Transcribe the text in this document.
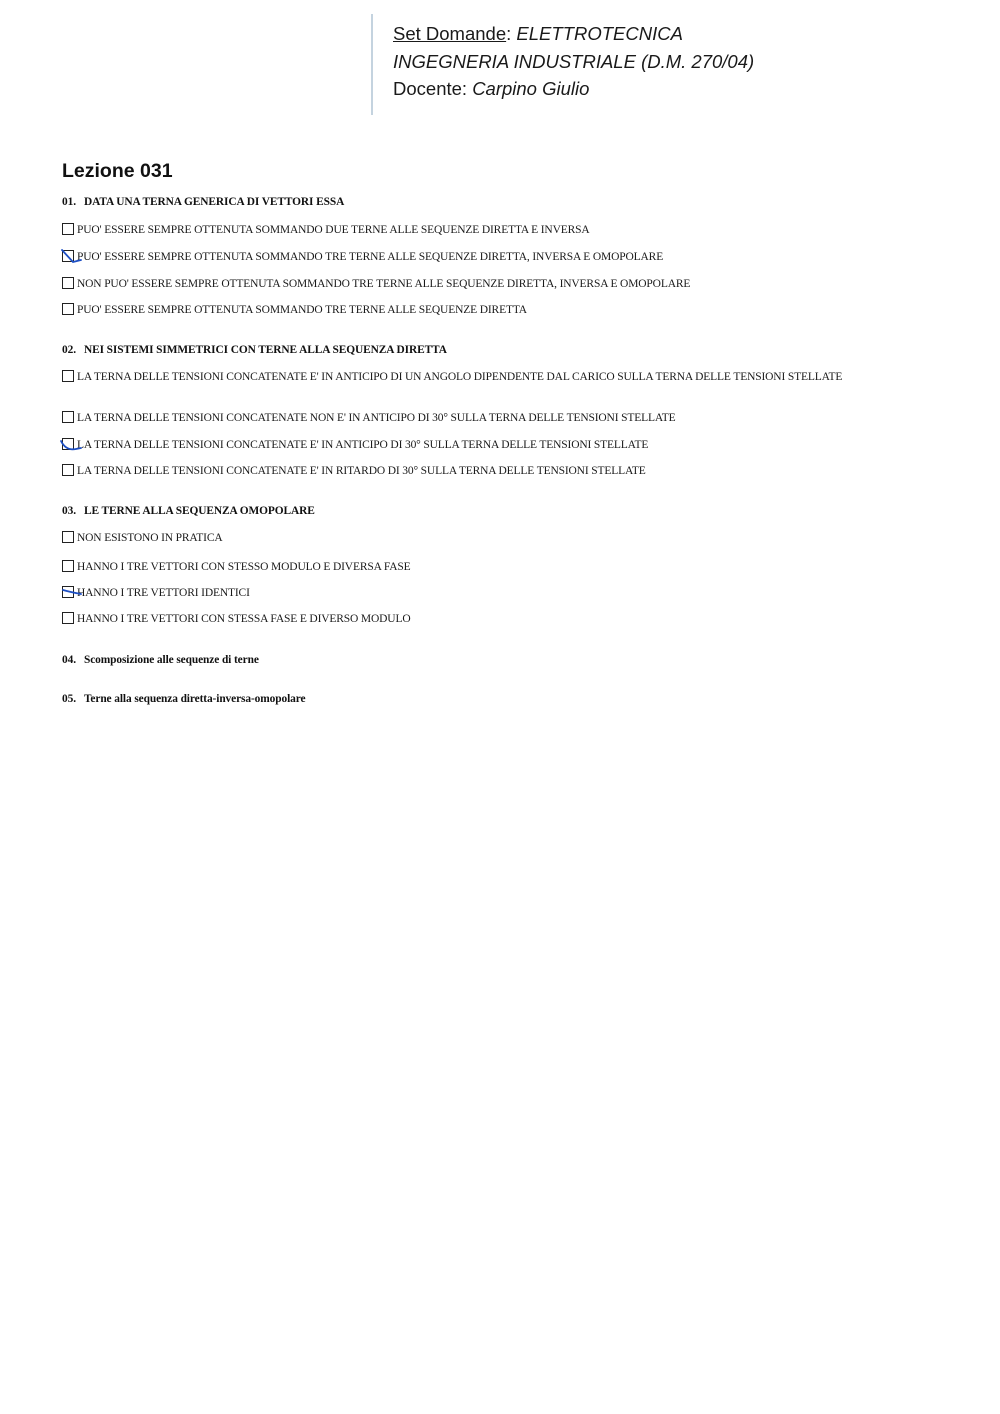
Set Domande: ELETTROTECNICA
INGEGNERIA INDUSTRIALE (D.M. 270/04)
Docente: Carpino Giulio
Lezione 031
01. DATA UNA TERNA GENERICA DI VETTORI ESSA
PUO' ESSERE SEMPRE OTTENUTA SOMMANDO DUE TERNE ALLE SEQUENZE DIRETTA E INVERSA
PUO' ESSERE SEMPRE OTTENUTA SOMMANDO TRE TERNE ALLE SEQUENZE DIRETTA, INVERSA E OMOPOLARE
NON PUO' ESSERE SEMPRE OTTENUTA SOMMANDO TRE TERNE ALLE SEQUENZE DIRETTA, INVERSA E OMOPOLARE
PUO' ESSERE SEMPRE OTTENUTA SOMMANDO TRE TERNE ALLE SEQUENZE DIRETTA
02. NEI SISTEMI SIMMETRICI CON TERNE ALLA SEQUENZA DIRETTA
LA TERNA DELLE TENSIONI CONCATENATE E' IN ANTICIPO DI UN ANGOLO DIPENDENTE DAL CARICO SULLA TERNA DELLE TENSIONI STELLATE
LA TERNA DELLE TENSIONI CONCATENATE NON E' IN ANTICIPO DI 30° SULLA TERNA DELLE TENSIONI STELLATE
LA TERNA DELLE TENSIONI CONCATENATE E' IN ANTICIPO DI 30° SULLA TERNA DELLE TENSIONI STELLATE
LA TERNA DELLE TENSIONI CONCATENATE E' IN RITARDO DI 30° SULLA TERNA DELLE TENSIONI STELLATE
03. LE TERNE ALLA SEQUENZA OMOPOLARE
NON ESISTONO IN PRATICA
HANNO I TRE VETTORI CON STESSO MODULO E DIVERSA FASE
HANNO I TRE VETTORI IDENTICI
HANNO I TRE VETTORI CON STESSA FASE E DIVERSO MODULO
04. Scomposizione alle sequenze di terne
05. Terne alla sequenza diretta-inversa-omopolare
